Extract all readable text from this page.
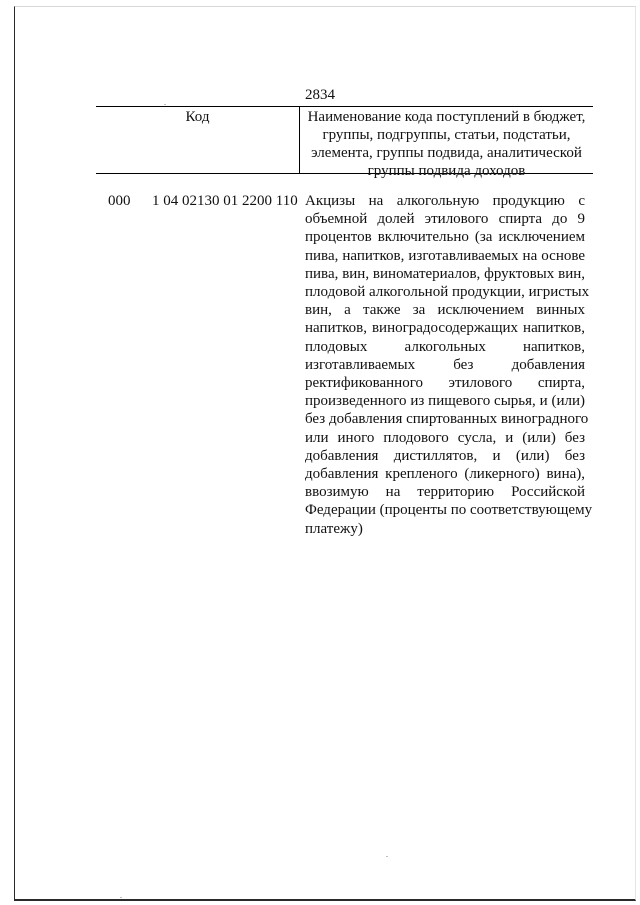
2834
Код	Наименование кода поступлений в бюджет, группы, подгруппы, статьи, подстатьи, элемента, группы подвида, аналитической группы подвида доходов
000 1 04 02130 01 2200 110 Акцизы на алкогольную продукцию с
объемной долей этилового спирта до 9
процентов включительно (за исключением
пива, напитков, изготавливаемых на основе
пива, вин, виноматериалов, фруктовых вин,
плодовой алкогольной продукции, игристых
вин, а также за исключением винных
напитков, виноградосодержащих напитков,
плодовых алкогольных напитков,
изготавливаемых без добавления
ректификованного этилового спирта,
произведенного из пищевого сырья, и (или)
без добавления спиртованных виноградного
или иного плодового сусла, и (или) без
добавления дистиллятов, и (или) без
добавления крепленого (ликерного) вина),
ввозимую на территорию Российской
Федерации (проценты по соответствующему
платежу)
